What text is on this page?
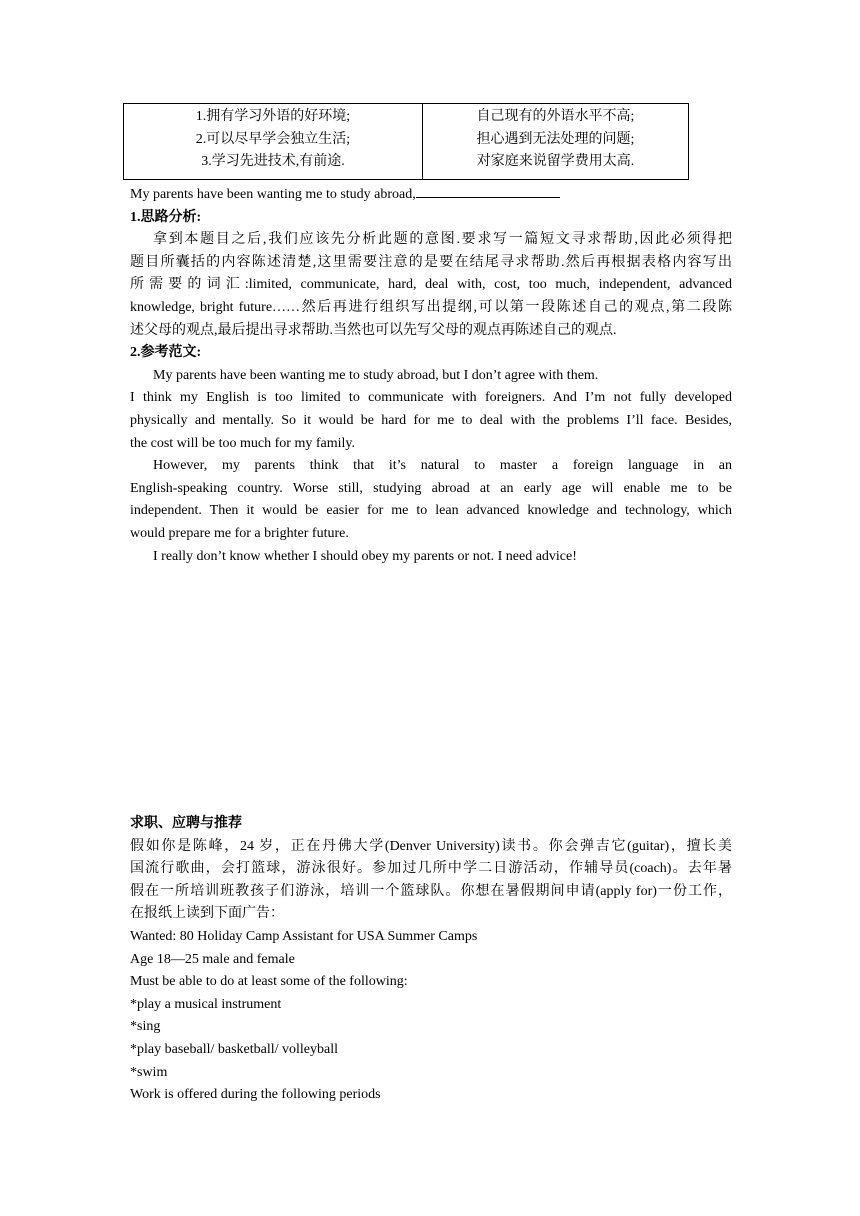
1.拥有学习外语的好环境;
2.可以尽早学会独立生活;
3.学习先进技术,有前途.

自己现有的外语水平不高;
担心遇到无法处理的问题;
对家庭来说留学费用太高.
My parents have been wanting me to study abroad,
1.思路分析:
拿到本题目之后,我们应该先分析此题的意图.要求写一篇短文寻求帮助,因此必须得把
题目所囊括的内容陈述清楚,这里需要注意的是要在结尾寻求帮助.然后再根据表格内容写出
所需要的词汇:limited, communicate, hard, deal with, cost, too much, independent, advanced
knowledge, bright future……然后再进行组织写出提纲,可以第一段陈述自己的观点,第二段陈
述父母的观点,最后提出寻求帮助.当然也可以先写父母的观点再陈述自己的观点.
2.参考范文:
My parents have been wanting me to study abroad, but I don’t agree with them.
I think my English is too limited to communicate with foreigners. And I’m not fully developed
physically and mentally. So it would be hard for me to deal with the problems I’ll face. Besides,
the cost will be too much for my family.
However, my parents think that it’s natural to master a foreign language in an
English-speaking country. Worse still, studying abroad at an early age will enable me to be
independent. Then it would be easier for me to lean advanced knowledge and technology, which
would prepare me for a brighter future.
I really don’t know whether I should obey my parents or not. I need advice!
求职、应聘与推荐
假如你是陈峰，24 岁，正在丹佛大学(Denver University)读书。你会弹吉它(guitar)，擅长美
国流行歌曲，会打篮球，游泳很好。参加过几所中学二日游活动，作辅导员(coach)。去年暑
假在一所培训班教孩子们游泳，培训一个篮球队。你想在暑假期间申请(apply for)一份工作，
在报纸上读到下面广告：
Wanted: 80 Holiday Camp Assistant for USA Summer Camps
Age 18—25 male and female
Must be able to do at least some of the following:
*play a musical instrument
*sing
*play baseball/ basketball/ volleyball
*swim
Work is offered during the following periods
